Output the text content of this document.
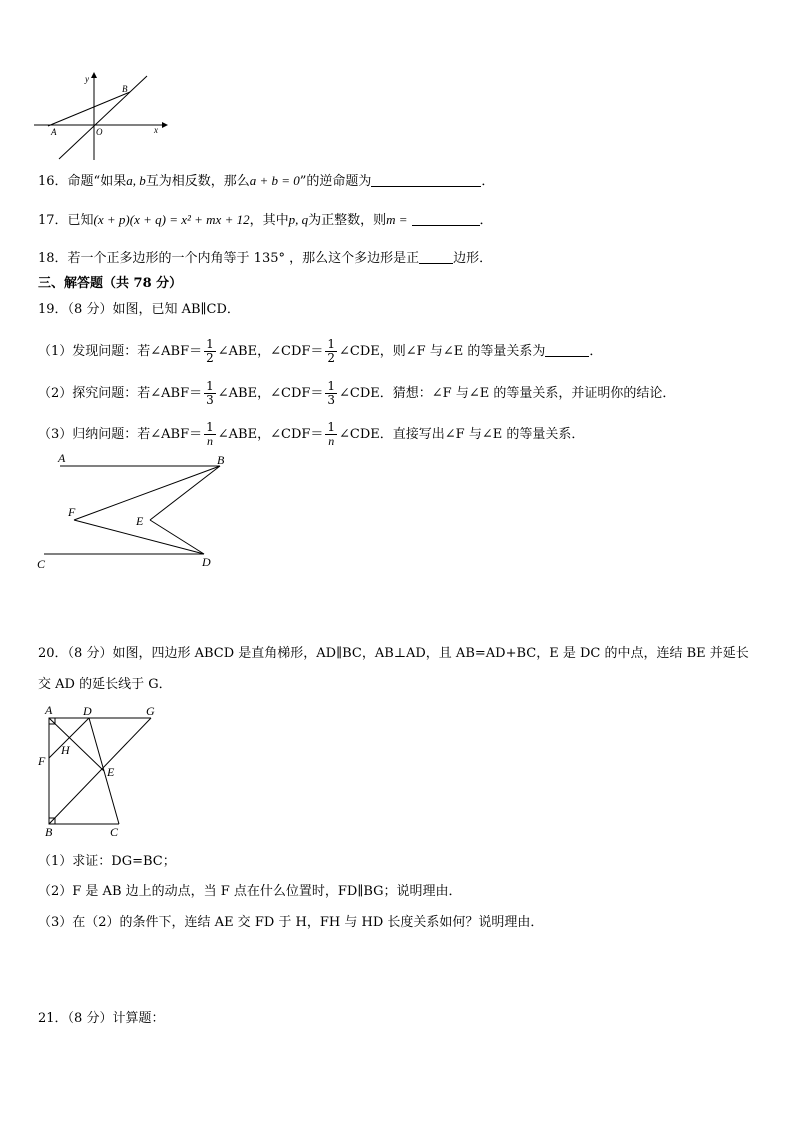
y
B
A	O	x
16．命题“如果a, b互为相反数，那么a + b = 0”的逆命题为	．
17．已知(x + p)(x + q) = x² + mx + 12，其中p, q为正整数，则m =	．
18．若一个正多边形的一个内角等于 135° ，那么这个多边形是正	边形．
三、解答题（共 78 分）
19．（8 分）如图，已知 AB∥CD．
（1）发现问题：若∠ABF＝ $\frac{1}{2}$ ∠ABE，∠CDF＝ $\frac{1}{2}$ ∠CDE，则∠F 与∠E 的等量关系为	．
（2）探究问题：若∠ABF＝ $\frac{1}{3}$ ∠ABE，∠CDF＝ $\frac{1}{3}$ ∠CDE．猜想：∠F 与∠E 的等量关系，并证明你的结论．
（3）归纳问题：若∠ABF＝ $\frac{1}{n}$ ∠ABE，∠CDF＝ $\frac{1}{n}$ ∠CDE．直接写出∠F 与∠E 的等量关系．
A	B
F
E
C	D
20．（8 分）如图，四边形 ABCD 是直角梯形，AD∥BC，AB⊥AD，且 AB=AD+BC，E 是 DC 的中点，连结 BE 并延长
交 AD 的延长线于 G．
A	D	G
H
F
E
B	C
（1）求证：DG=BC；
（2）F 是 AB 边上的动点，当 F 点在什么位置时，FD∥BG；说明理由．
（3）在（2）的条件下，连结 AE 交 FD 于 H，FH 与 HD 长度关系如何？说明理由．
21．（8 分）计算题：
